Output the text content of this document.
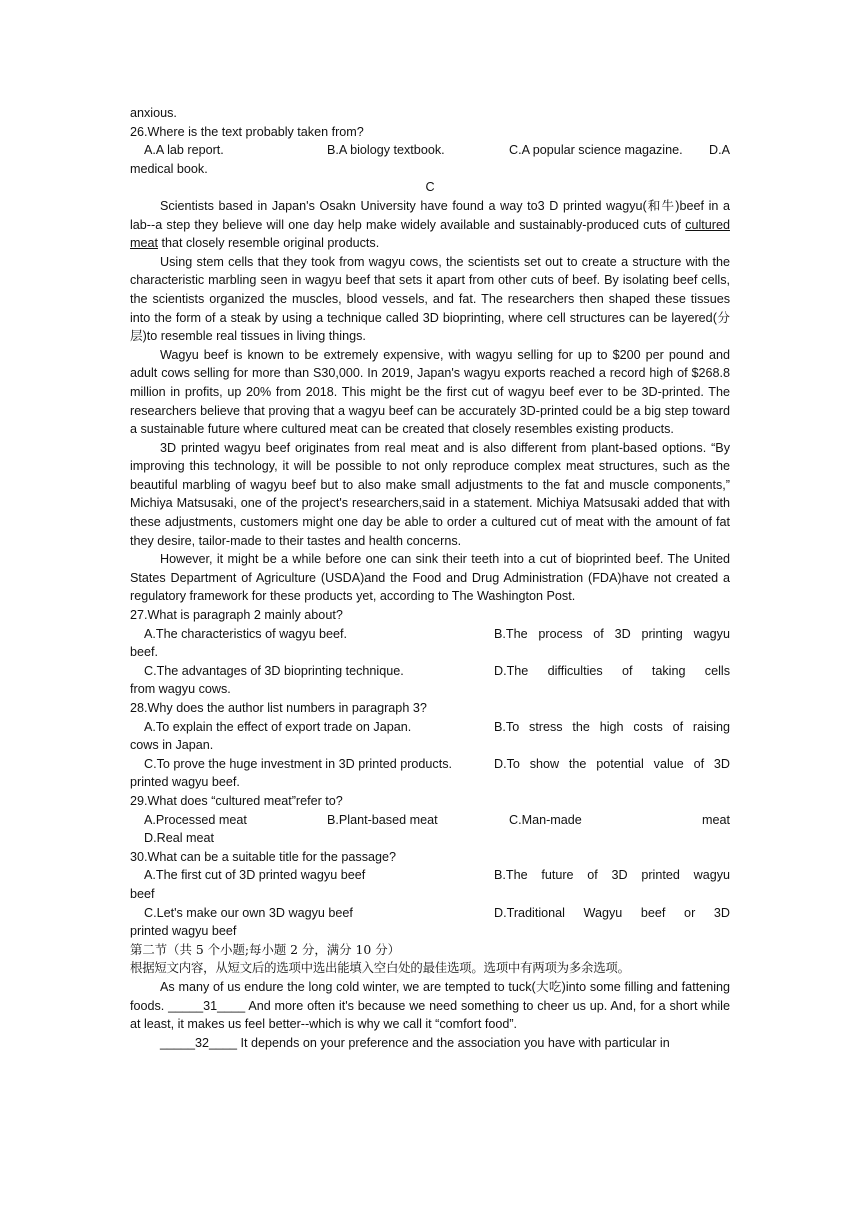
anxious.

26.Where is the text probably taken from?

A.A lab report.	B.A biology textbook.	C.A popular science magazine. D.A

medical book.

C

Scientists based in Japan's Osakn University have found a way to3 D printed wagyu(和牛)beef in a lab--a step they believe will one day help make widely available and sustainably-produced cuts of cultured meat that closely resemble original products.

Using stem cells that they took from wagyu cows, the scientists set out to create a structure with the characteristic marbling seen in wagyu beef that sets it apart from other cuts of beef. By isolating beef cells, the scientists organized the muscles, blood vessels, and fat. The researchers then shaped these tissues into the form of a steak by using a technique called 3D bioprinting, where cell structures can be layered(分层)to resemble real tissues in living things.

Wagyu beef is known to be extremely expensive, with wagyu selling for up to $200 per pound and adult cows selling for more than S30,000. In 2019, Japan's wagyu exports reached a record high of $268.8 million in profits, up 20% from 2018. This might be the first cut of wagyu beef ever to be 3D-printed. The researchers believe that proving that a wagyu beef can be accurately 3D-printed could be a big step toward a sustainable future where cultured meat can be created that closely resembles existing products.

3D printed wagyu beef originates from real meat and is also different from plant-based options. “By improving this technology, it will be possible to not only reproduce complex meat structures, such as the beautiful marbling of wagyu beef but to also make small adjustments to the fat and muscle components,” Michiya Matsusaki, one of the project's researchers,said in a statement. Michiya Matsusaki added that with these adjustments, customers might one day be able to order a cultured cut of meat with the amount of fat they desire, tailor-made to their tastes and health concerns.

However, it might be a while before one can sink their teeth into a cut of bioprinted beef. The United States Department of Agriculture (USDA)and the Food and Drug Administration (FDA)have not created a regulatory framework for these products yet, according to The Washington Post.

27.What is paragraph 2 mainly about?

A.The characteristics of wagyu beef.	B.The process of 3D printing wagyu

beef.

C.The advantages of 3D bioprinting technique.	D.The difficulties of taking cells

from wagyu cows.

28.Why does the author list numbers in paragraph 3?

A.To explain the effect of export trade on Japan.	B.To stress the high costs of raising

cows in Japan.

C.To prove the huge investment in 3D printed products.	D.To show the potential value of 3D

printed wagyu beef.

29.What does “cultured meat”refer to?

A.Processed meat	B.Plant-based meat	C.Man-made	meat
D.Real meat

30.What can be a suitable title for the passage?

A.The first cut of 3D printed wagyu beef	B.The future of 3D printed wagyu

beef

C.Let's make our own 3D wagyu beef	D.Traditional Wagyu beef or 3D

printed wagyu beef

第二节（共 5 个小题;每小题 2 分，满分 10 分）

根据短文内容，从短文后的选项中选出能填入空白处的最佳选项。选项中有两项为多余选项。

As many of us endure the long cold winter, we are tempted to tuck(大吃)into some filling and fattening foods. _____31____ And more often it's because we need something to cheer us up. And, for a short while at least, it makes us feel better--which is why we call it “comfort food”.

_____32____ It depends on your preference and the association you have with particular in
